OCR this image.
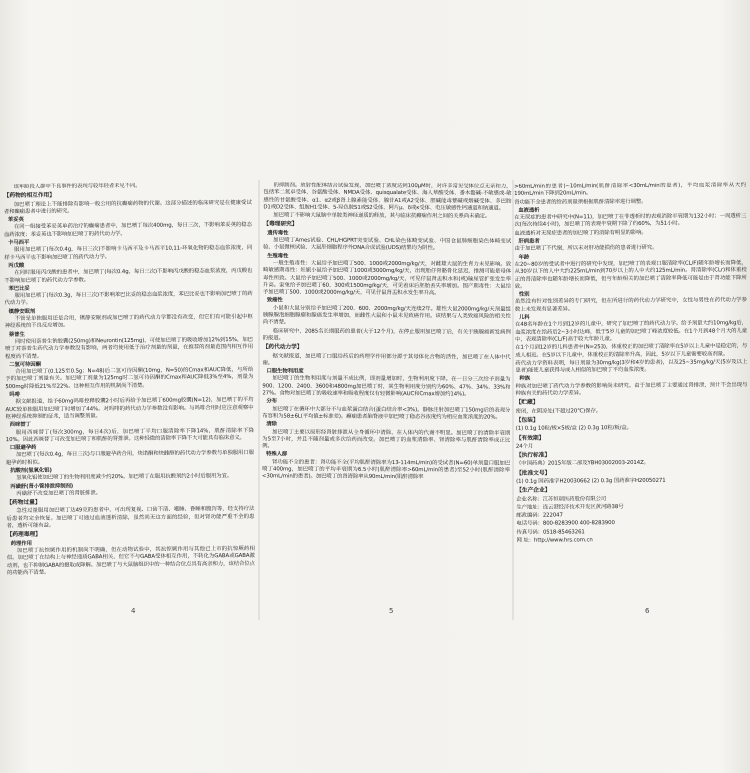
该年龄段人群中不良事件的表现与较年轻者未见不同。
【 药物的相互作用 】
加巴喷丁理论上不能排除有影响一般公用的抗癫痫药物的代谢。这部分描述的临床研究是在健康受试者和癫痫患者中进行的研究。
苯妥英
在同一组接受苯妥英单药治疗的癫痫患者中，加巴喷丁每次400mg，每日三次，不影响苯妥英的稳态血药浓度；苯妥英也不影响加巴喷丁的药代动力学。
卡马西平
服用加巴喷丁(每次0.4g，每日三次)不影响卡马西平及卡马西平10,11-环氧化物的稳态血浆浓度，同样卡马西平也不影响加巴喷丁的药代动力学。
丙戊酸
在同时服用丙戊酸的患者中，加巴喷丁(每次0.4g，每日三次)不影响丙戊酸的稳态血浆浓度，丙戊酸也不影响加巴喷丁的药代动力学参数。
苯巴比妥
服用加巴喷丁(每次0.3g，每日三次)不影响苯巴比妥的稳态血浆浓度，苯巴比妥也不影响加巴喷丁的药代动力学。
镇静安眠剂
不管是单独服用还是合用，镇静安眠剂或加巴喷丁的药代动力学都没有改变，但它们有可能引起中枢神经系统的不良反应增加。
萘普生
同时使用萘普生钠胶囊(250mg)和Neurontin(125mg)，可使加巴喷丁的吸收增加12%到15%，加巴喷丁对萘普生药代动力学参数没有影响，两者均使用低于治疗剂量的剂量，在推荐的剂量范围内相互作用程度尚不清楚。
二氢可待因酮
合用加巴喷丁(0.125至0.5g；N=48)后二氢可待因酮(10mg，N=50)的Cmax和AUC降低，与所给予的加巴喷丁剂量有关。加巴喷丁剂量为125mg时二氢可待因酮的Cmax和AUC降低3%至4%，剂量为500mg时降低21%至22%。这种相互作用的机制尚不清楚。
吗啡
据文献报道，给予60mg吗啡控释胶囊2小时后再给予加巴喷丁600mg胶囊(N=12)，加巴喷丁的平均AUC较单独服用加巴喷丁时增加了44%。对吗啡的药代动力学参数没有影响。与吗啡合用时应注意观察中枢神经系统抑制的征兆，适当调整剂量。
西咪替丁
服用西咪替丁(每次300mg，每日4次)后，加巴喷丁平均口服清除率下降14%，肌酐清除率下降10%。因此西咪替丁可改变加巴喷丁和肌酐的肾排泄。这种轻微的清除率下降不大可能具有临床意义。
口服避孕药
加巴喷丁(每次0.4g，每日三次)与口服避孕药合用，炔诺酮和炔雌醇的药代动力学参数与单独服用口服避孕药时相似。
抗酸剂(氢氧化铝)
氢氧化铝使加巴喷丁的生物利用度减少约20%。加巴喷丁在服用抗酸剂约2小时后服用为宜。
丙磺舒(肾小管排泄抑制剂)
丙磺舒不改变加巴喷丁的肾脏排泄。
【 药物过量 】
急性过量服用加巴喷丁达49克的患者中，可出现复视、口齿不清、嗜睡、昏睡和腹泻等，经支持疗法后患者均完全恢复。加巴喷丁可通过血液透析清除，虽然尚无这方面的经验，但对肾功能严重不全的患者，透析可能有益。
【 药理毒理 】
药理作用
加巴喷丁抗惊厥作用的机制尚不明确，但在动物试验中，其抗惊厥作用与其他已上市的抗惊厥药相似。加巴喷丁在结构上与神经递质GABA相关，但它不与GABA受体相互作用，不转化为GABA或GABA激动剂，也不抑制GABA的摄取或降解。加巴喷丁与大鼠脑组织中的一种结合位点具有高亲和力，该结合位点的功能尚不清楚。
的抑制剂。放射性配体结合试验发现，加巴喷丁浓度达到100μM时，对许多常见受体位点无亲和力，包括苯二氮卓受体、谷氨酸受体、NMDA受体、quisqualate受体、海人草酸受体、番木鳖碱-不敏感或-敏感性的甘氨酸受体、α1、α2或β肾上腺素能受体、腺苷A1或A2受体、胆碱能毒蕈碱或烟碱受体、多巴胺D1或D2受体、组胺H1受体、5-羟色胺S1或S2受体、阿片μ、δ或κ受体、电压敏感性钙通道和钠通道。
加巴喷丁不影响大鼠脑中单胺类神经递质的释放，其与临床抗癫痫作用之间的关系尚未确定。
【 毒理研究 】
遗传毒性
加巴喷丁Ames试验、CHL/HGPRT突变试验、CHL染色体畸变试验、中国仓鼠肺细胞染色体畸变试验、小鼠微核试验、大鼠肝细胞程序外DNA合成试验(UDS)结果均为阴性。
生殖毒性
一般生殖毒性：大鼠给予加巴喷丁500、1000或2000mg/kg/天，对雌雄大鼠的生育力未见影响。致畸敏感期毒性：妊娠小鼠给予加巴喷丁1000或3000mg/kg/天，出现胎仔骨骼骨化延迟，推测可能是母体毒性所致。大鼠给予加巴喷丁500、1000或2000mg/kg/天，可见仔鼠肾盂积水和(或)输尿管扩张发生率升高。家兔给予加巴喷丁60、300或1500mg/kg/天，可见着床后胚胎丢失率增加。围产期毒性：大鼠给予加巴喷丁500、1000或2000mg/kg/天，可见仔鼠肾盂积水发生率升高。
致癌性
小鼠和大鼠分别给予加巴喷丁200、600、2000mg/kg/天连续2年。雄性大鼠2000mg/kg/天剂量组胰腺腺泡细胞腺瘤和腺癌发生率增加，而雌性大鼠和小鼠未见致癌作用。该结果与人类致癌风险的相关性尚不清楚。
临床研究中，2085名长期服药的患者(大于12个月)，在停止服用加巴喷丁后，有关于胰腺癌新发病例的报道。
【 药代动力学 】
据文献报道，加巴喷丁口服给药后的药理学作用部分源于其母体化合物的活性，加巴喷丁在人体中代谢。
口服生物利用度
加巴喷丁的生物利用度与剂量不成比例，即剂量增加时，生物利用度下降。在一日分三次给予剂量为900、1200、2400、3600和4800mg加巴喷丁时，其生物利用度分别约为60%、47%、34%、33%和27%。食物对加巴喷丁的吸收速率和吸收程度仅有轻微影响(AUC和Cmax增加约14%)。
分布
加巴喷丁在循环中大部分不与血浆蛋白结合(蛋白结合率<3%)。静脉注射加巴喷丁150mg后的表观分布容积为58±6L(平均值±标准差)。癫痫患者脑脊液中加巴喷丁稳态谷浓度约为相应血浆浓度的20%。
清除
加巴喷丁主要以原形经肾脏排泄从全身循环中清除，在人体内的代谢不明显。加巴喷丁的清除半衰期为5至7小时，并且不随剂量或多次给药而改变。加巴喷丁的血浆清除率、肾清除率与肌酐清除率成正比例。
特殊人群
肾功能不全的患者：肾功能不全(平均肌酐清除率为13-114mL/min)的受试者(N=60)单剂量口服加巴喷丁400mg，加巴喷丁的平均半衰期为6.5小时(肌酐清除率>60mL/min的患者)至52小时(肌酐清除率<30mL/min的患者)。加巴喷丁的肾清除率从90mL/min(肌酐清除率
>60mL/min的患者)~10mL/min(肌酐清除率<30mL/min的患者)，平均血浆清除率从大约190mL/min下降到20mL/min。
肾功能不全患者的给药剂量须根据肌酐清除率进行调整。
血液透析
在无尿症的患者中研究中(N=11)，加巴喷丁在非透析时的表观消除半衰期为132小时；一周透析三次(每次持续4小时)，加巴喷丁的表观半衰期下降了约60%，为51小时。
血液透析对无尿症患者的加巴喷丁的消除有明显的影响。
肝病患者
由于加巴喷丁不代谢，所以未对肝功能损伤的患者进行研究。
年龄
在20~80岁的受试者中进行的研究中发现，加巴喷丁的表观口服清除率(CL/F)随年龄增长而降低，从30岁以下的人中大约225mL/min到70岁以上的人中大约125mL/min。肾清除率(CLr)和体重校正的肾清除率也随年龄增长而降低，但与年龄相关的加巴喷丁清除率降低可能是由于肾功能下降所致。
性别
虽然没有针对性别差异的专门研究，但在所进行的药代动力学研究中，女性与男性在药代动力学参数上未发现有显著差异。
儿科
在48名年龄在1个月到12岁的儿童中，研究了加巴喷丁的药代动力学。给予剂量大约10mg/kg后，血浆浓度在给药后2~3小时达峰，低于5岁儿童的加巴喷丁峰浓度较低。在1个月到48个月大的儿童中，表观清除率(CL/F)高于较大年龄儿童。
在1个月到12岁的儿科患者中(N=253)，体重校正的加巴喷丁清除率在5岁以上儿童中是稳定的，与成人相近。在5岁以下儿童中，体重校正的清除率升高，因此，5岁以下儿童需要较高剂量。
药代动力学资料表明，每日剂量为30mg/kg(3岁和4岁的患者)，以及25~35mg/kg/天(5岁及以上患者)能使儿童获得与成人相似的加巴喷丁平均血浆浓度。
种族
种族对加巴喷丁药代动力学参数的影响尚未研究。由于加巴喷丁主要通过肾排泄，预计不会出现与种族有关的药代动力学差异。
【 贮藏 】
密闭，在阴凉处(不超过20℃)保存。
【 包装 】
(1) 0.1g 10粒/板×5板/盒 (2) 0.3g 10粒/板/盒。
【 有效期 】
24个月
【 执行标准 】
《中国药典》2015年版二部及YBH03002003-2014Z。
【 批准文号 】
(1) 0.1g 国药准字H20030662 (2) 0.3g 国药准字H20050271
【 生产企业 】
企业名称：江苏恒瑞医药股份有限公司
生产地址：连云港经济技术开发区黄河路38号
邮政编码：222047
电话号码：800-8283900 400-8283900
传真号码：0518-85463261
网 址：http://www.hrs.com.cn
4	5	6
